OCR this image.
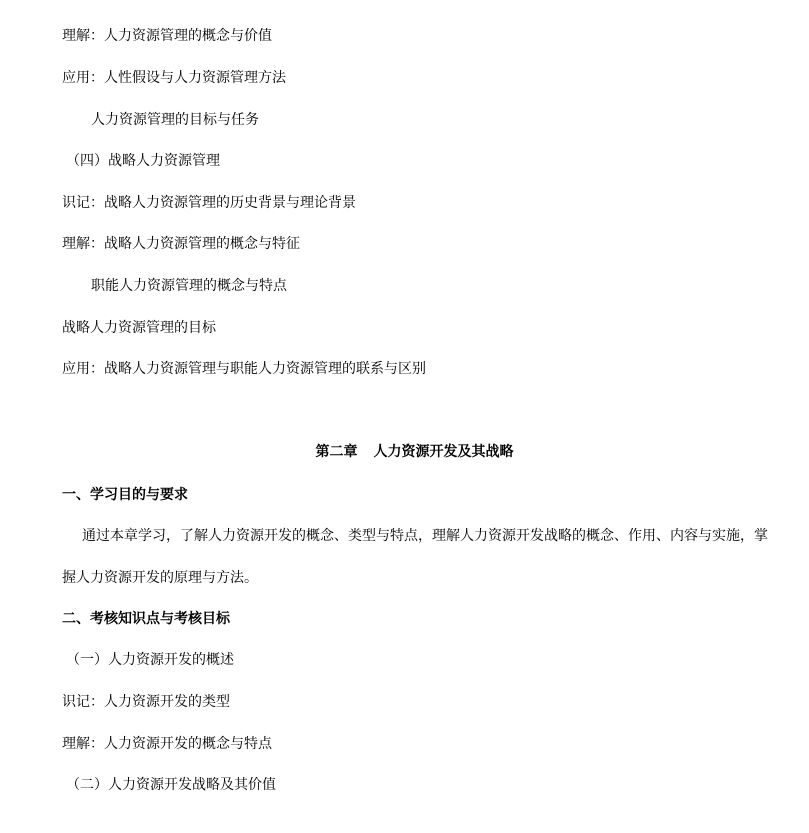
理解：人力资源管理的概念与价值
应用：人性假设与人力资源管理方法
人力资源管理的目标与任务
（四）战略人力资源管理
识记：战略人力资源管理的历史背景与理论背景
理解：战略人力资源管理的概念与特征
职能人力资源管理的概念与特点
战略人力资源管理的目标
应用：战略人力资源管理与职能人力资源管理的联系与区别
第二章 人力资源开发及其战略
一、学习目的与要求
通过本章学习，了解人力资源开发的概念、类型与特点，理解人力资源开发战略的概念、作用、内容与实施，掌
握人力资源开发的原理与方法。
二、考核知识点与考核目标
（一）人力资源开发的概述
识记：人力资源开发的类型
理解：人力资源开发的概念与特点
（二）人力资源开发战略及其价值
